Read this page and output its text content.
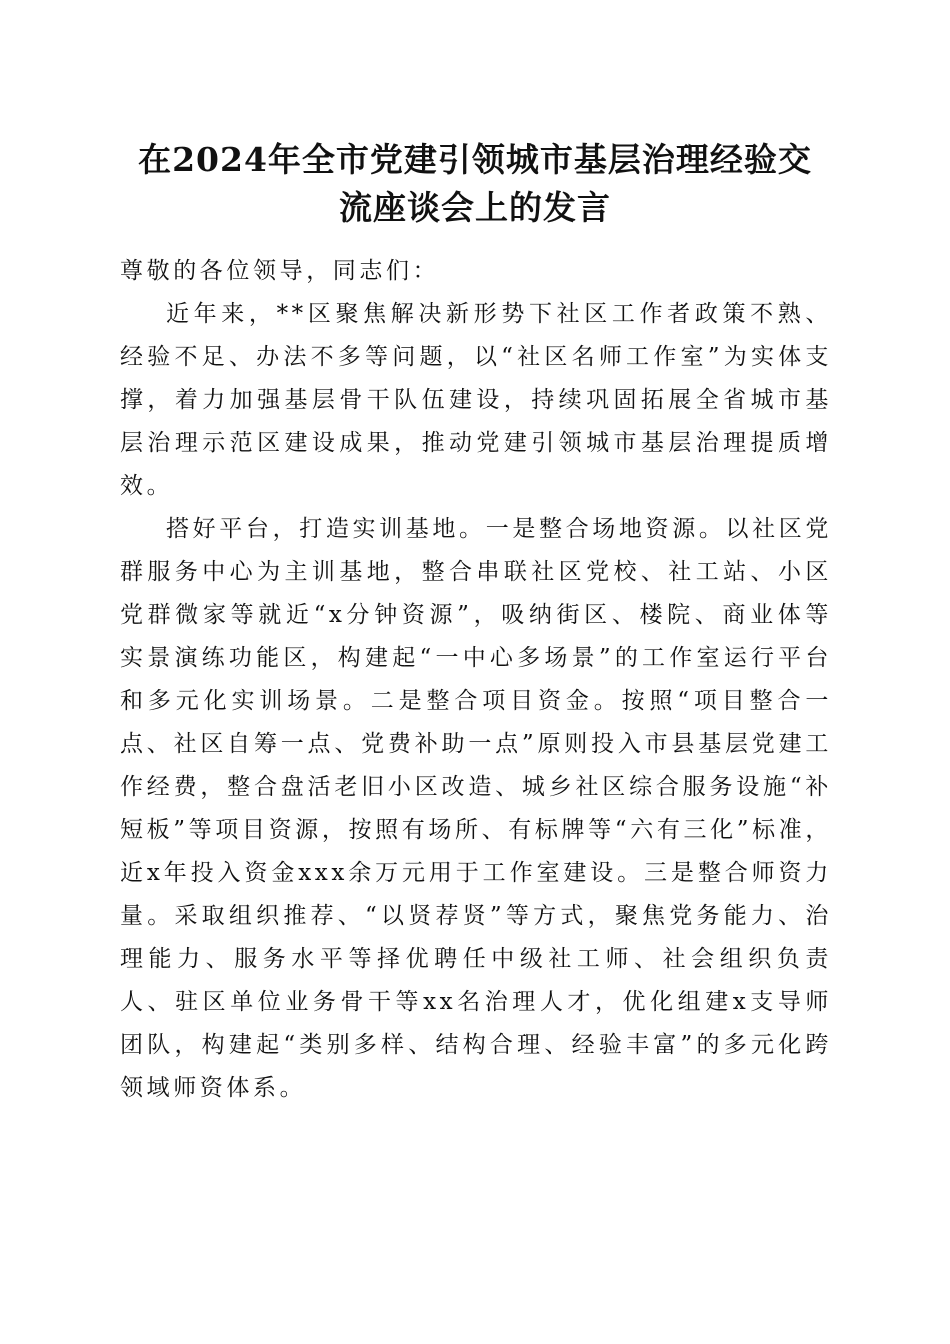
在2024年全市党建引领城市基层治理经验交
流座谈会上的发言

尊敬的各位领导，同志们：

近年来，**区聚焦解决新形势下社区工作者政策不熟、经验不足、办法不多等问题，以“社区名师工作室”为实体支撑，着力加强基层骨干队伍建设，持续巩固拓展全省城市基层治理示范区建设成果，推动党建引领城市基层治理提质增效。

搭好平台，打造实训基地。一是整合场地资源。以社区党群服务中心为主训基地，整合串联社区党校、社工站、小区党群微家等就近“x分钟资源”，吸纳街区、楼院、商业体等实景演练功能区，构建起“一中心多场景”的工作室运行平台和多元化实训场景。二是整合项目资金。按照“项目整合一点、社区自筹一点、党费补助一点”原则投入市县基层党建工作经费，整合盘活老旧小区改造、城乡社区综合服务设施“补短板”等项目资源，按照有场所、有标牌等“六有三化”标准，近x年投入资金xxx余万元用于工作室建设。三是整合师资力量。采取组织推荐、“以贤荐贤”等方式，聚焦党务能力、治理能力、服务水平等择优聘任中级社工师、社会组织负责人、驻区单位业务骨干等xx名治理人才，优化组建x支导师团队，构建起“类别多样、结构合理、经验丰富”的多元化跨领域师资体系。
